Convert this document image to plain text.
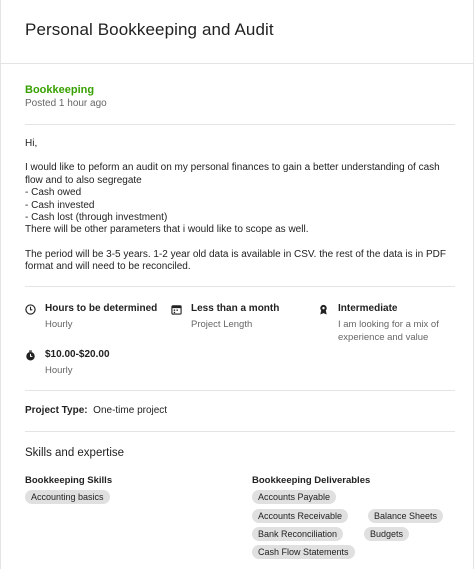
Personal Bookkeeping and Audit
Bookkeeping
Posted 1 hour ago

Hi,

I would like to peform an audit on my personal finances to gain a better understanding of cash flow and to also segregate
- Cash owed
- Cash invested
- Cash lost (through investment)
There will be other parameters that i would like to scope as well.

The period will be 3-5 years. 1-2 year old data is available in CSV. the rest of the data is in PDF format and will need to be reconciled.

Hours to be determined
Hourly
Less than a month
Project Length
Intermediate
I am looking for a mix of experience and value
$10.00-$20.00
Hourly
Project Type: One-time project
Skills and expertise
Bookkeeping Skills
Accounting basics
Bookkeeping Deliverables
Accounts Payable
Accounts Receivable	Balance Sheets
Bank Reconciliation	Budgets
Cash Flow Statements
